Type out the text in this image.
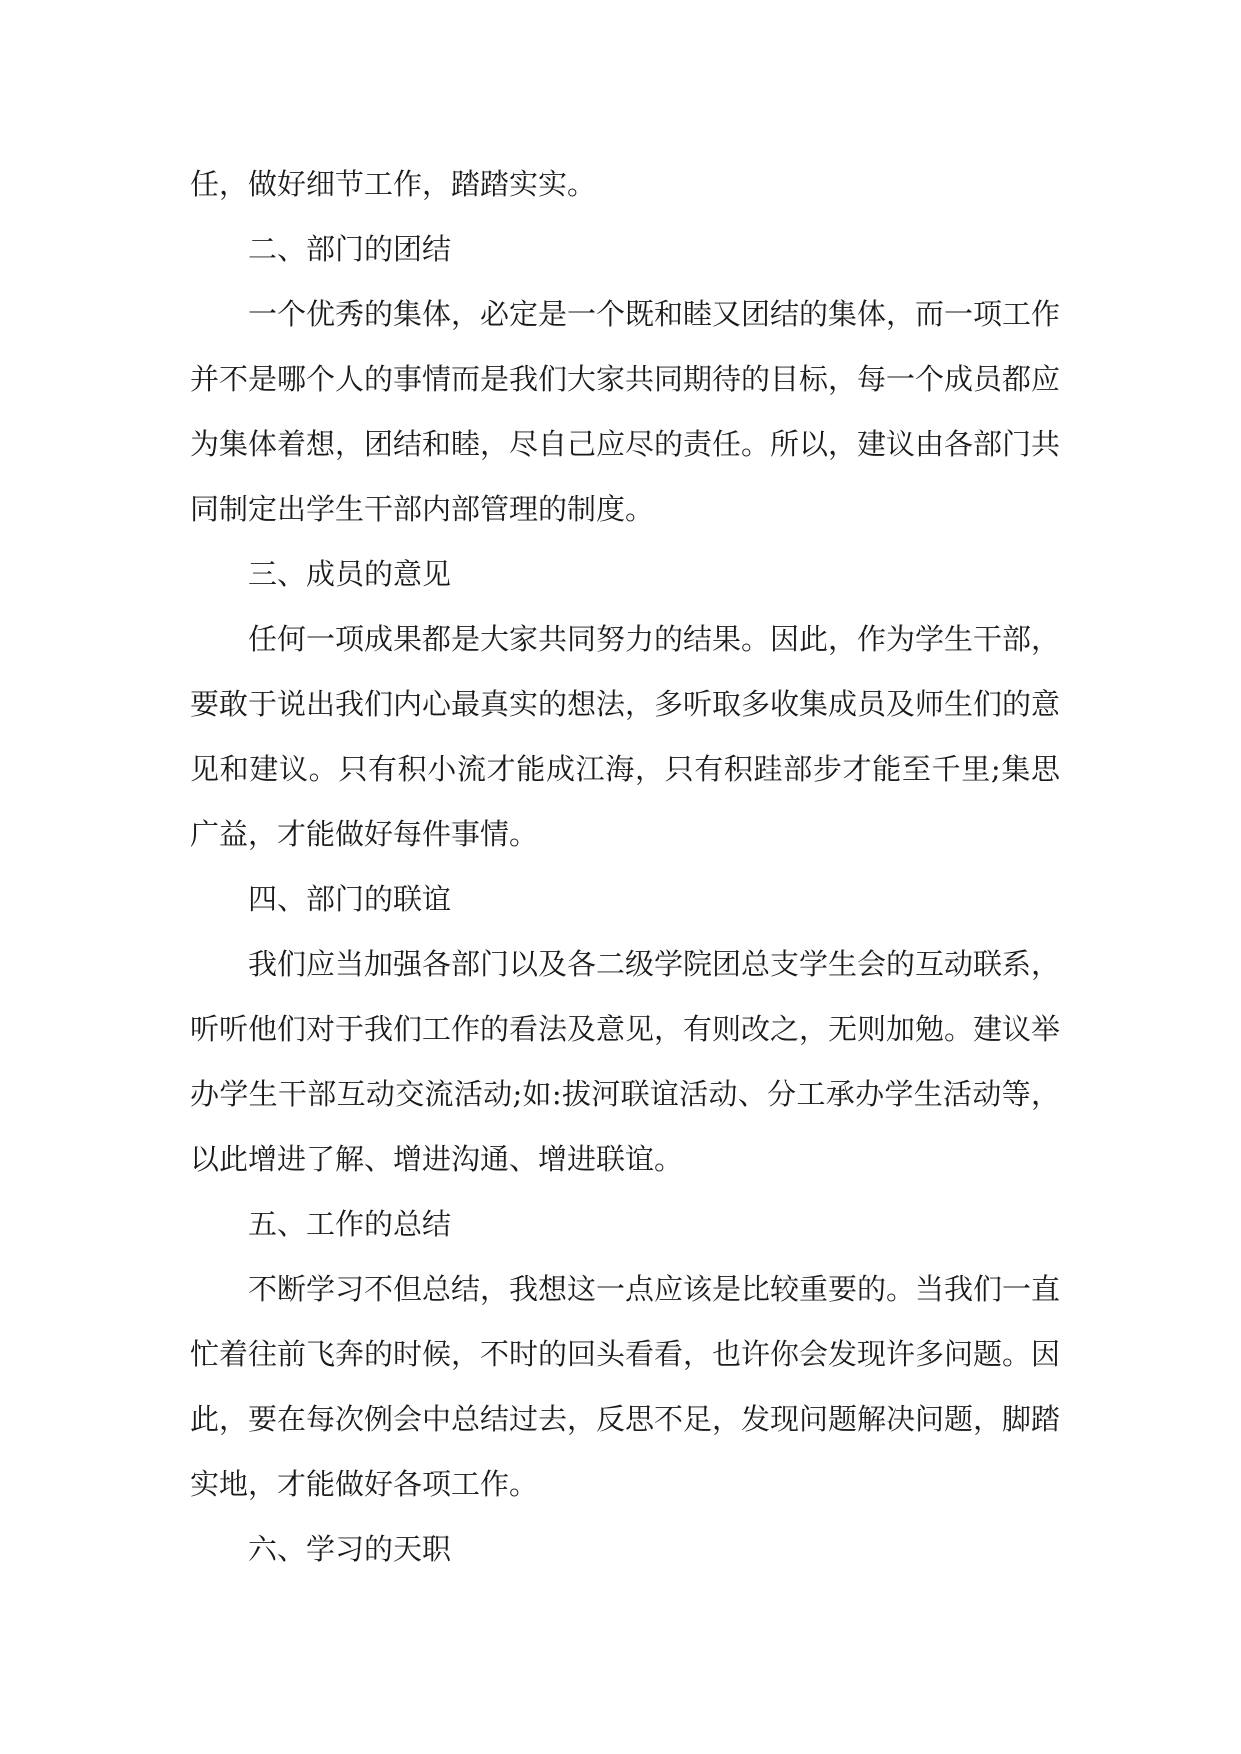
任，做好细节工作，踏踏实实。

二、部门的团结

一个优秀的集体，必定是一个既和睦又团结的集体，而一项工作并不是哪个人的事情而是我们大家共同期待的目标，每一个成员都应为集体着想，团结和睦，尽自己应尽的责任。所以，建议由各部门共同制定出学生干部内部管理的制度。

三、成员的意见

任何一项成果都是大家共同努力的结果。因此，作为学生干部，要敢于说出我们内心最真实的想法，多听取多收集成员及师生们的意见和建议。只有积小流才能成江海，只有积跬部步才能至千里;集思广益，才能做好每件事情。

四、部门的联谊

我们应当加强各部门以及各二级学院团总支学生会的互动联系，听听他们对于我们工作的看法及意见，有则改之，无则加勉。建议举办学生干部互动交流活动;如:拔河联谊活动、分工承办学生活动等，以此增进了解、增进沟通、增进联谊。

五、工作的总结

不断学习不但总结，我想这一点应该是比较重要的。当我们一直忙着往前飞奔的时候，不时的回头看看，也许你会发现许多问题。因此，要在每次例会中总结过去，反思不足，发现问题解决问题，脚踏实地，才能做好各项工作。

六、学习的天职
